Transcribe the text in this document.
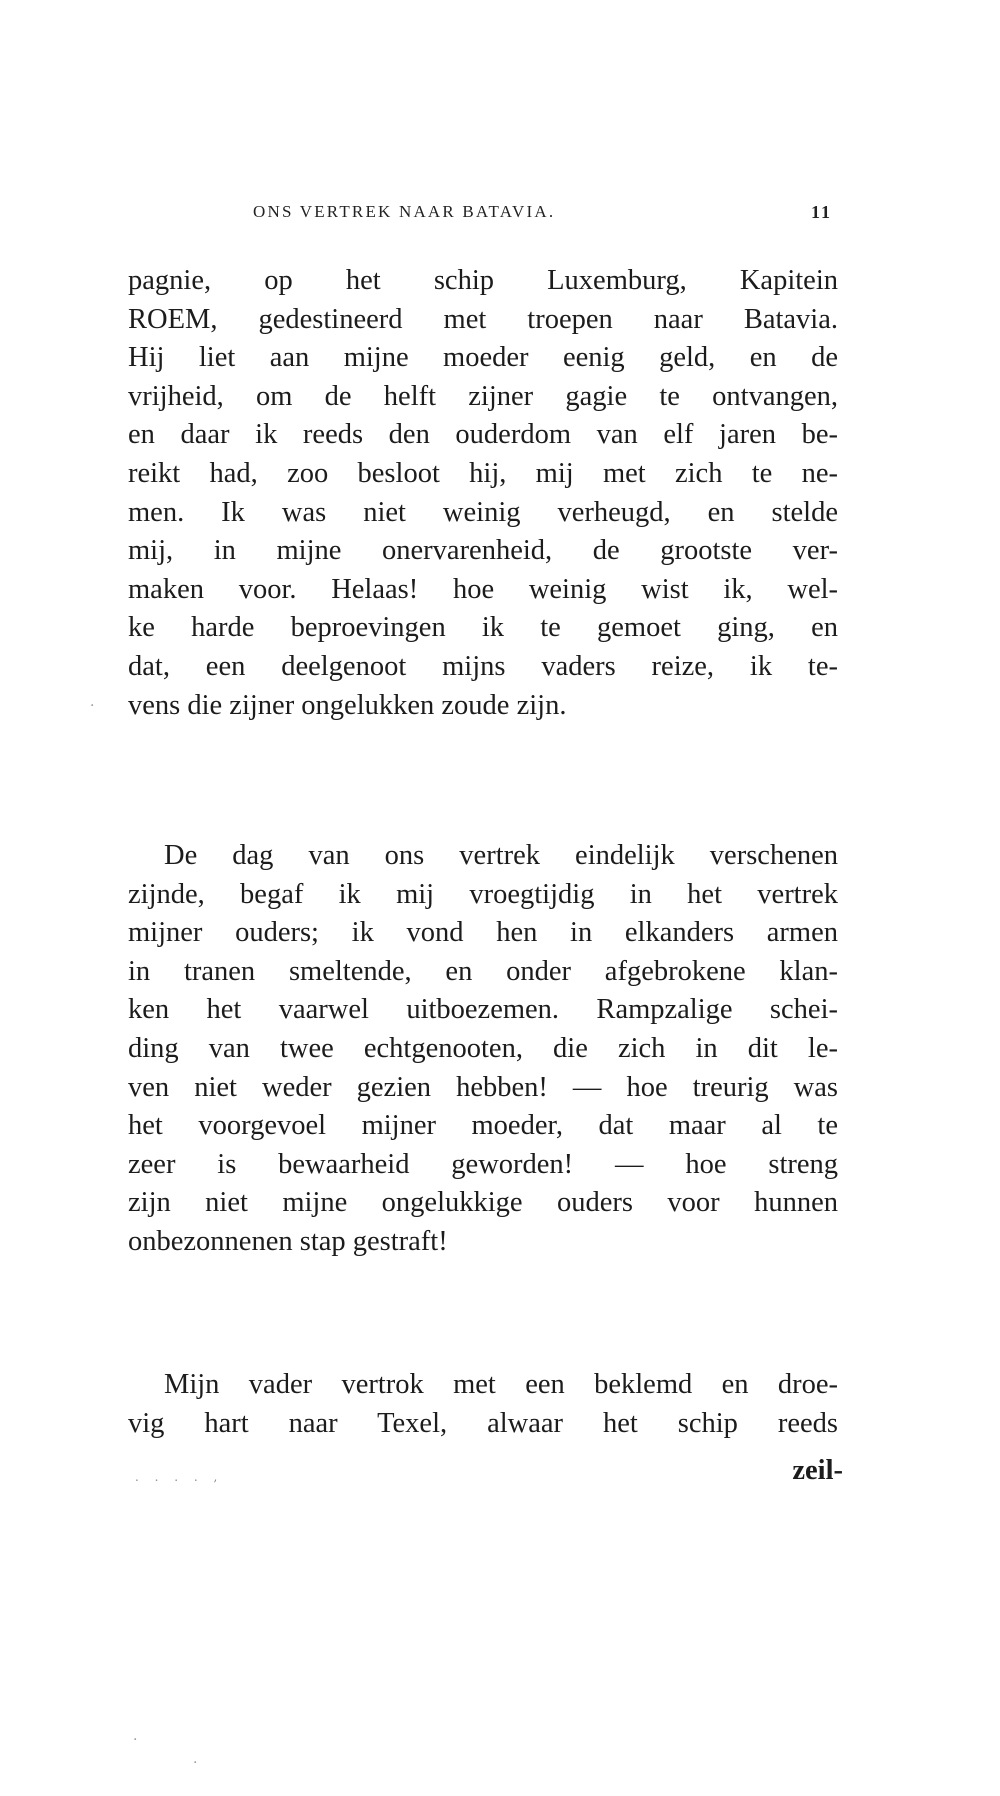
ONS VERTREK NAAR BATAVIA.	11
pagnie, op het schip Luxemburg, Kapitein
ROEM, gedestineerd met troepen naar Batavia.
Hij liet aan mijne moeder eenig geld, en de
vrijheid, om de helft zijner gagie te ontvangen,
en daar ik reeds den ouderdom van elf jaren be-
reikt had, zoo besloot hij, mij met zich te ne-
men. Ik was niet weinig verheugd, en stelde
mij, in mijne onervarenheid, de grootste ver-
maken voor. Helaas! hoe weinig wist ik, wel-
ke harde beproevingen ik te gemoet ging, en
dat, een deelgenoot mijns vaders reize, ik te-
vens die zijner ongelukken zoude zijn.
De dag van ons vertrek eindelijk verschenen
zijnde, begaf ik mij vroegtijdig in het vertrek
mijner ouders; ik vond hen in elkanders armen
in tranen smeltende, en onder afgebrokene klan-
ken het vaarwel uitboezemen. Rampzalige schei-
ding van twee echtgenooten, die zich in dit le-
ven niet weder gezien hebben! — hoe treurig was
het voorgevoel mijner moeder, dat maar al te
zeer is bewaarheid geworden! — hoe streng
zijn niet mijne ongelukkige ouders voor hunnen
onbezonnenen stap gestraft!
Mijn vader vertrok met een beklemd en droe-
vig hart naar Texel, alwaar het schip reeds
. . . . ,	zeil-
·
·
·
